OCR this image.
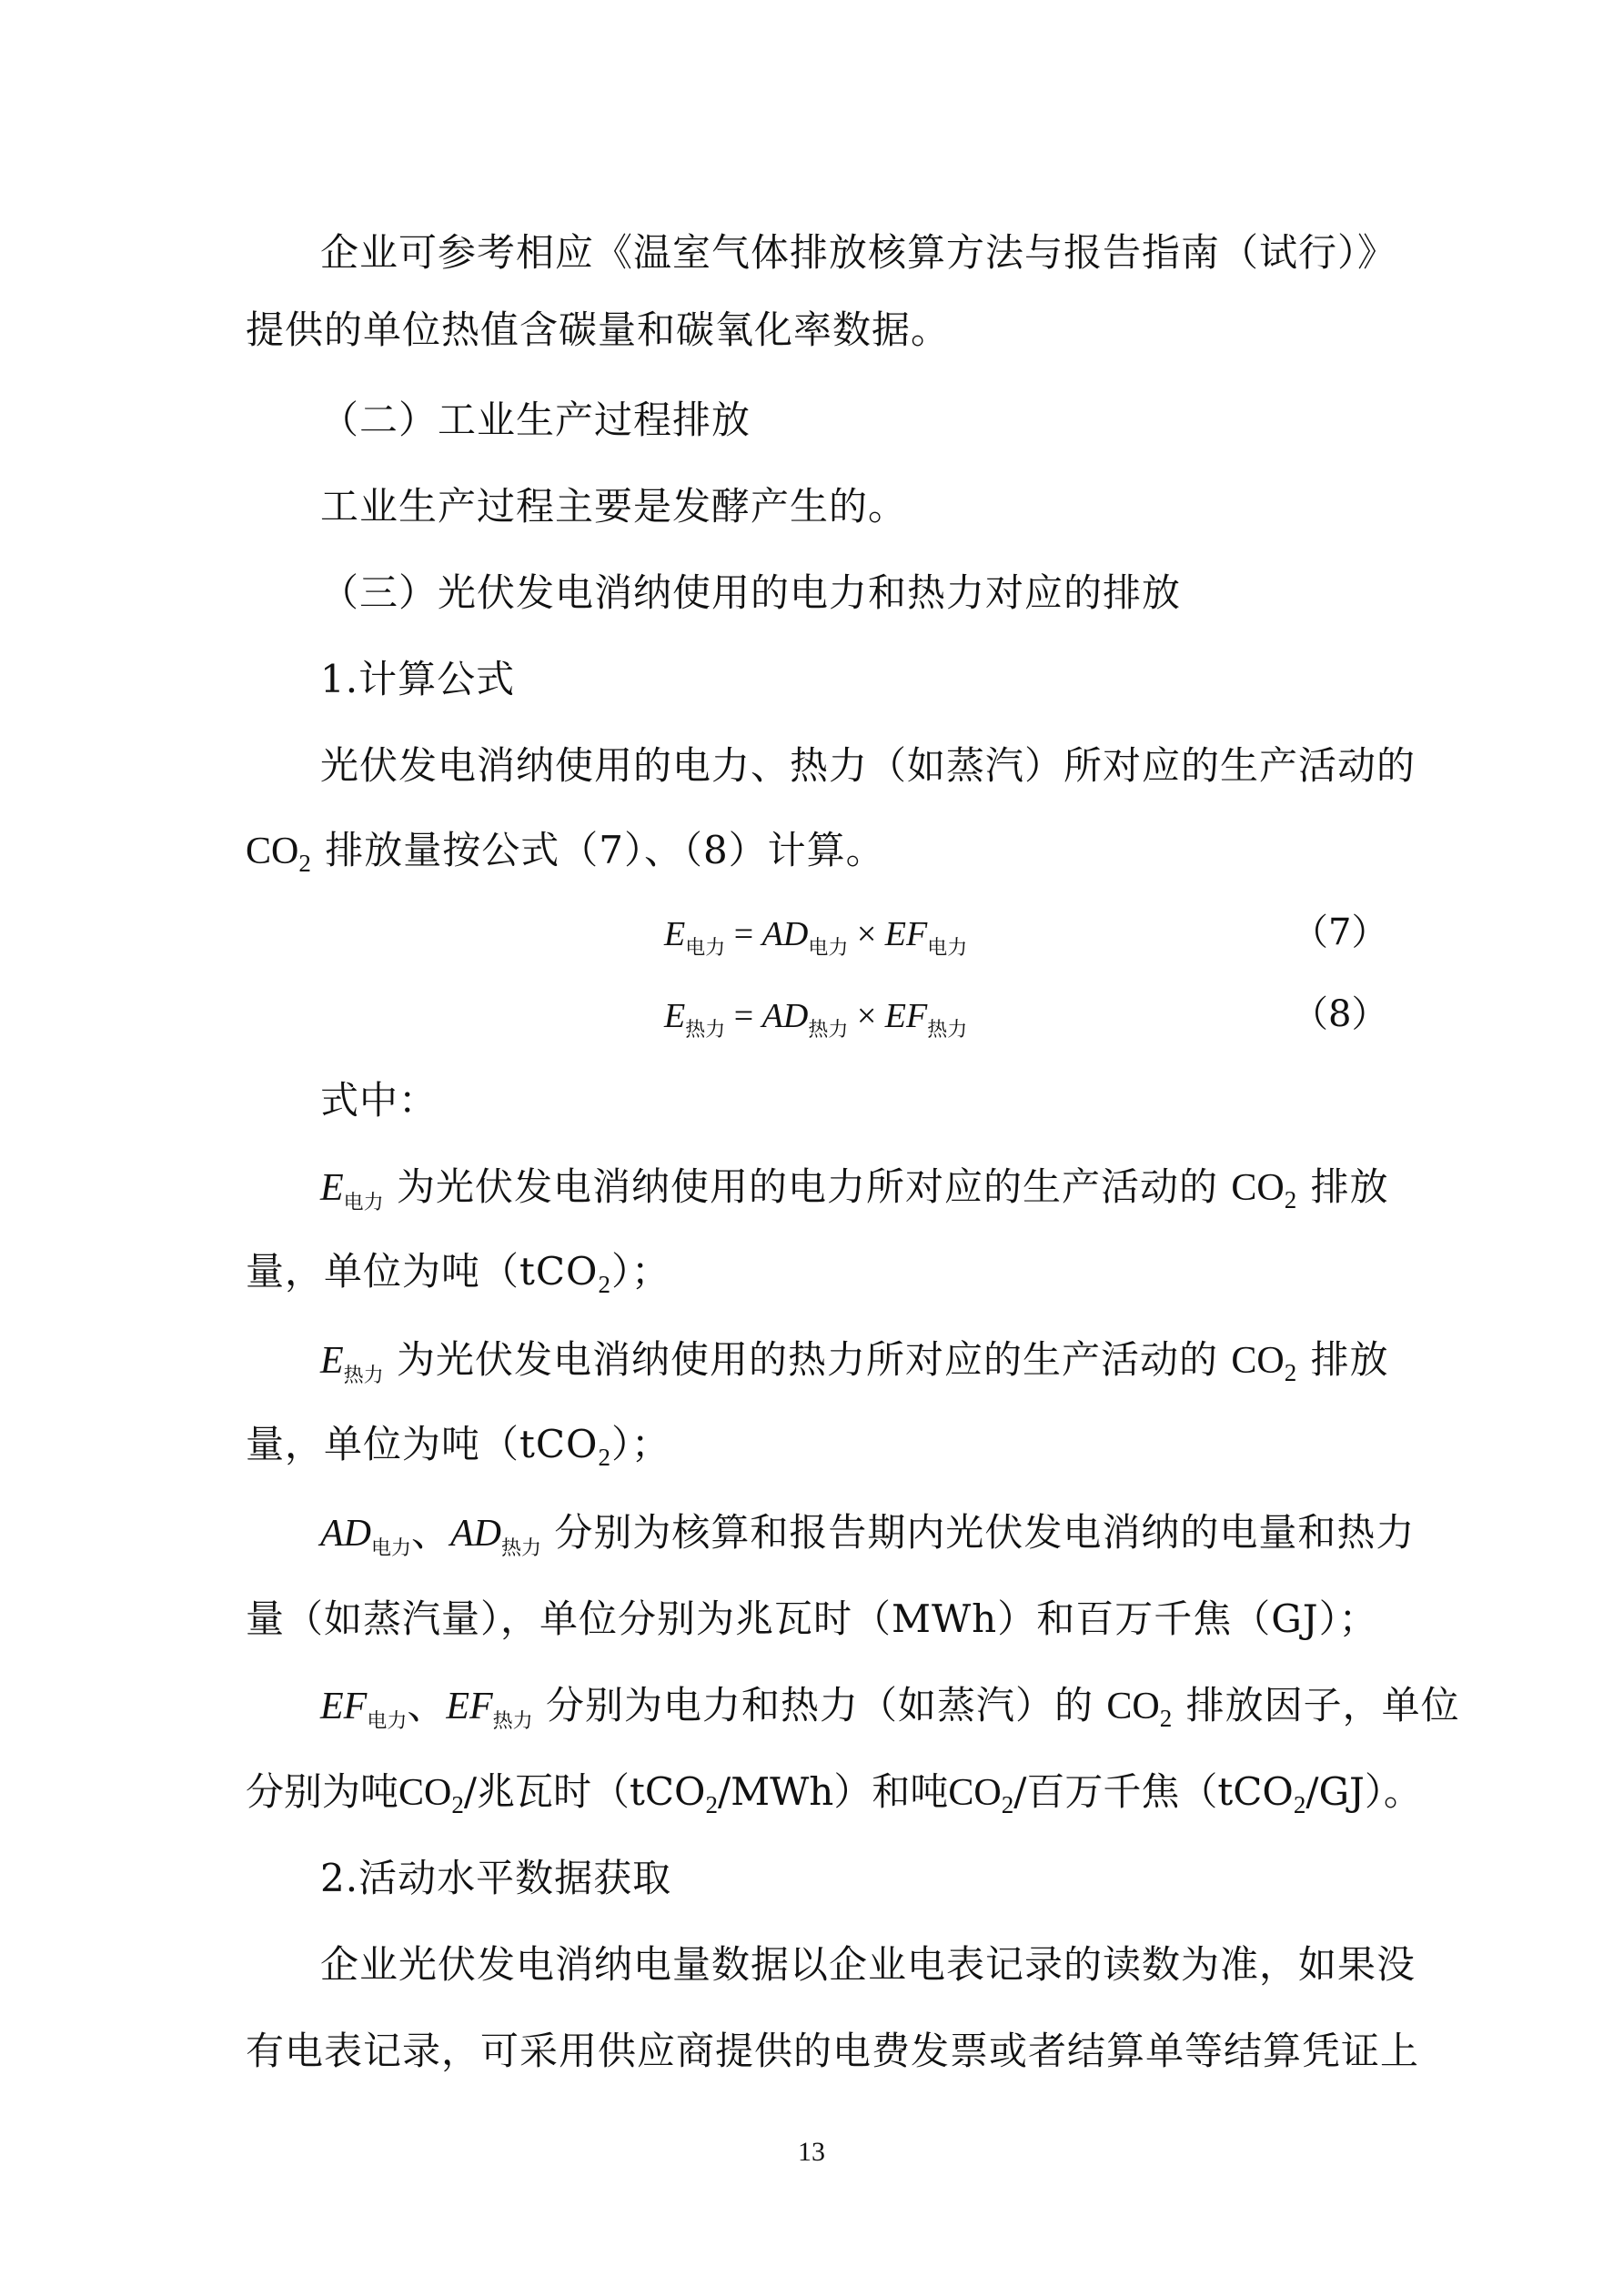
企业可参考相应《温室气体排放核算方法与报告指南（试行）》
提供的单位热值含碳量和碳氧化率数据。
（二）工业生产过程排放
工业生产过程主要是发酵产生的。
（三）光伏发电消纳使用的电力和热力对应的排放
1.计算公式
光伏发电消纳使用的电力、热力（如蒸汽）所对应的生产活动的
$CO_2$ 排放量按公式（7）、（8）计算。
$E_{电力} = AD_{电力} \times EF_{电力}$	（7）
$E_{热力} = AD_{热力} \times EF_{热力}$	（8）
式中：
$E_{电力}$ 为光伏发电消纳使用的电力所对应的生产活动的 $CO_2$ 排放
量，单位为吨（tCO$_2$）；
$E_{热力}$ 为光伏发电消纳使用的热力所对应的生产活动的 $CO_2$ 排放
量，单位为吨（tCO$_2$）；
$AD_{电力}$、$AD_{热力}$ 分别为核算和报告期内光伏发电消纳的电量和热力
量（如蒸汽量），单位分别为兆瓦时（MWh）和百万千焦（GJ）；
$EF_{电力}$、$EF_{热力}$ 分别为电力和热力（如蒸汽）的 $CO_2$ 排放因子，单位
分别为吨$CO_2/$兆瓦时（tCO$_2$/MWh）和吨$CO_2/$百万千焦（tCO$_2$/GJ）。
2.活动水平数据获取
企业光伏发电消纳电量数据以企业电表记录的读数为准，如果没
有电表记录，可采用供应商提供的电费发票或者结算单等结算凭证上
13
